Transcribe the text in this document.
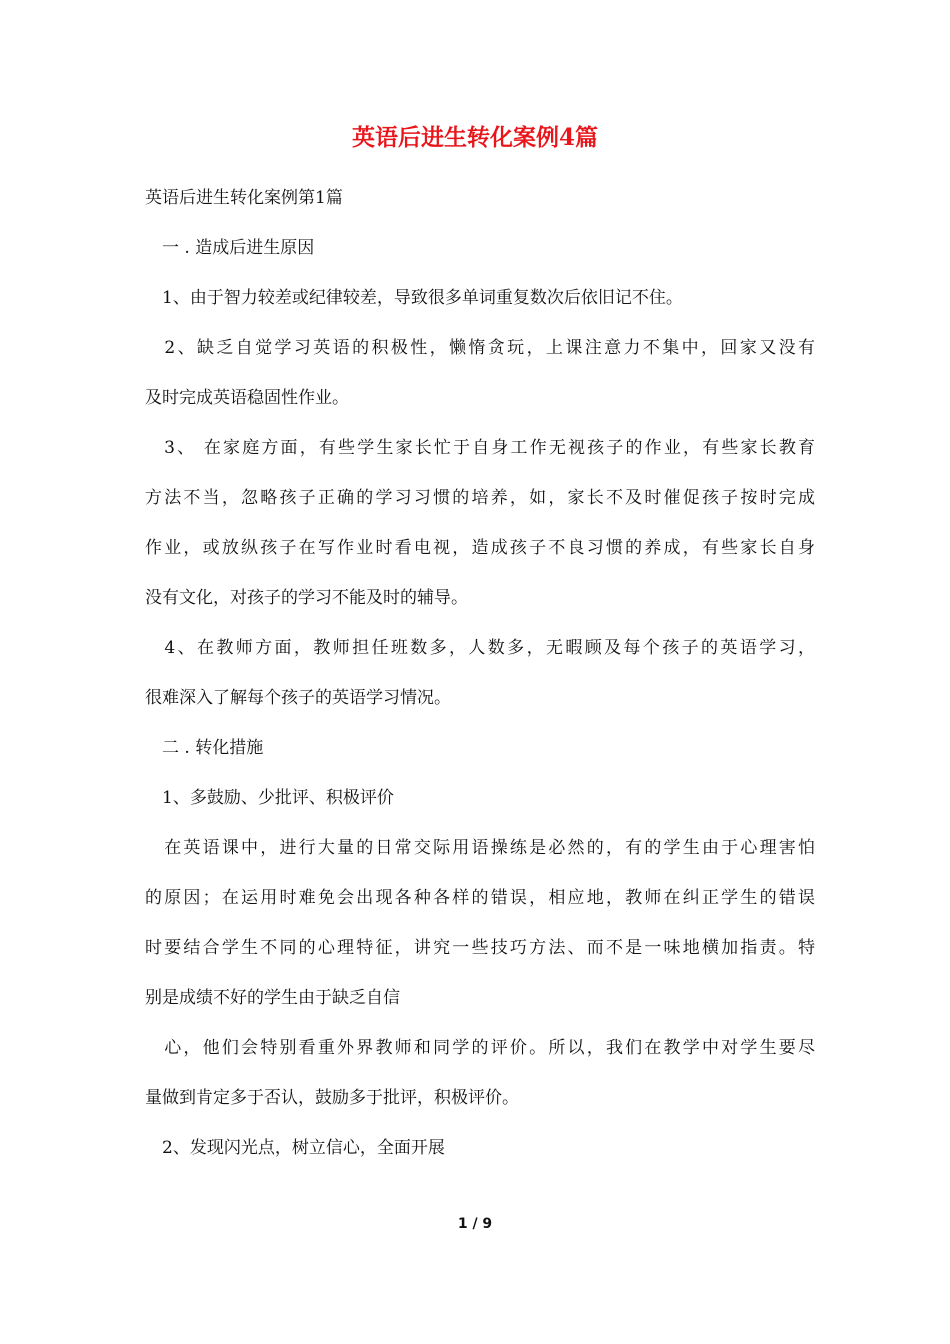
英语后进生转化案例4篇

英语后进生转化案例第1篇

　一 . 造成后进生原因

　1、由于智力较差或纪律较差，导致很多单词重复数次后依旧记不住。

　2、缺乏自觉学习英语的积极性，懒惰贪玩，上课注意力不集中，回家又没有

及时完成英语稳固性作业。

　3、 在家庭方面，有些学生家长忙于自身工作无视孩子的作业，有些家长教育

方法不当，忽略孩子正确的学习习惯的培养，如，家长不及时催促孩子按时完成

作业，或放纵孩子在写作业时看电视，造成孩子不良习惯的养成，有些家长自身

没有文化，对孩子的学习不能及时的辅导。

　4、在教师方面，教师担任班数多，人数多，无暇顾及每个孩子的英语学习，

很难深入了解每个孩子的英语学习情况。

　二 . 转化措施

　1、多鼓励、少批评、积极评价

　在英语课中，进行大量的日常交际用语操练是必然的，有的学生由于心理害怕

的原因；在运用时难免会出现各种各样的错误，相应地，教师在纠正学生的错误

时要结合学生不同的心理特征，讲究一些技巧方法、而不是一味地横加指责。特

别是成绩不好的学生由于缺乏自信

　心，他们会特别看重外界教师和同学的评价。所以，我们在教学中对学生要尽

量做到肯定多于否认，鼓励多于批评，积极评价。

　2、发现闪光点，树立信心，全面开展

1 / 9
